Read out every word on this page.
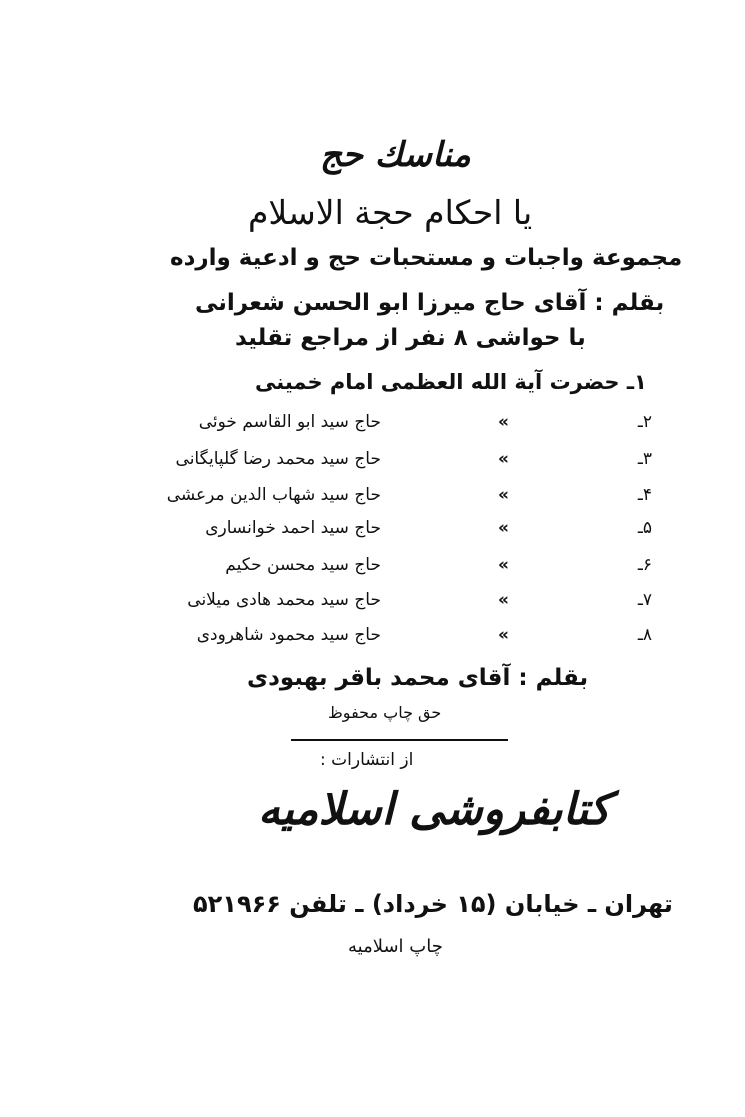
مناسك حج
يا احكام حجة الاسلام
مجموعة واجبات و مستحبات حج و ادعية وارده
بقلم : آقای حاج میرزا ابو الحسن شعرانی
با حواشی ۸ نفر از مراجع تقلید
۱ـ حضرت آية الله العظمی امام خمینی
۲ـ
«
حاج سید ابو القاسم خوئی
۳ـ
«
حاج سید محمد رضا گلپایگانی
۴ـ
«
حاج سید شهاب الدین مرعشی
۵ـ
«
حاج سید احمد خوانساری
۶ـ
«
حاج سید محسن حکیم
۷ـ
«
حاج سید محمد هادی میلانی
۸ـ
«
حاج سید محمود شاهرودی
بقلم : آقای محمد باقر بهبودی
حق چاپ محفوظ
از انتشارات :
کتابفروشی اسلامیه
تهران ـ خیابان (۱۵ خرداد) ـ تلفن ۵۲۱۹۶۶
چاپ اسلامیه
